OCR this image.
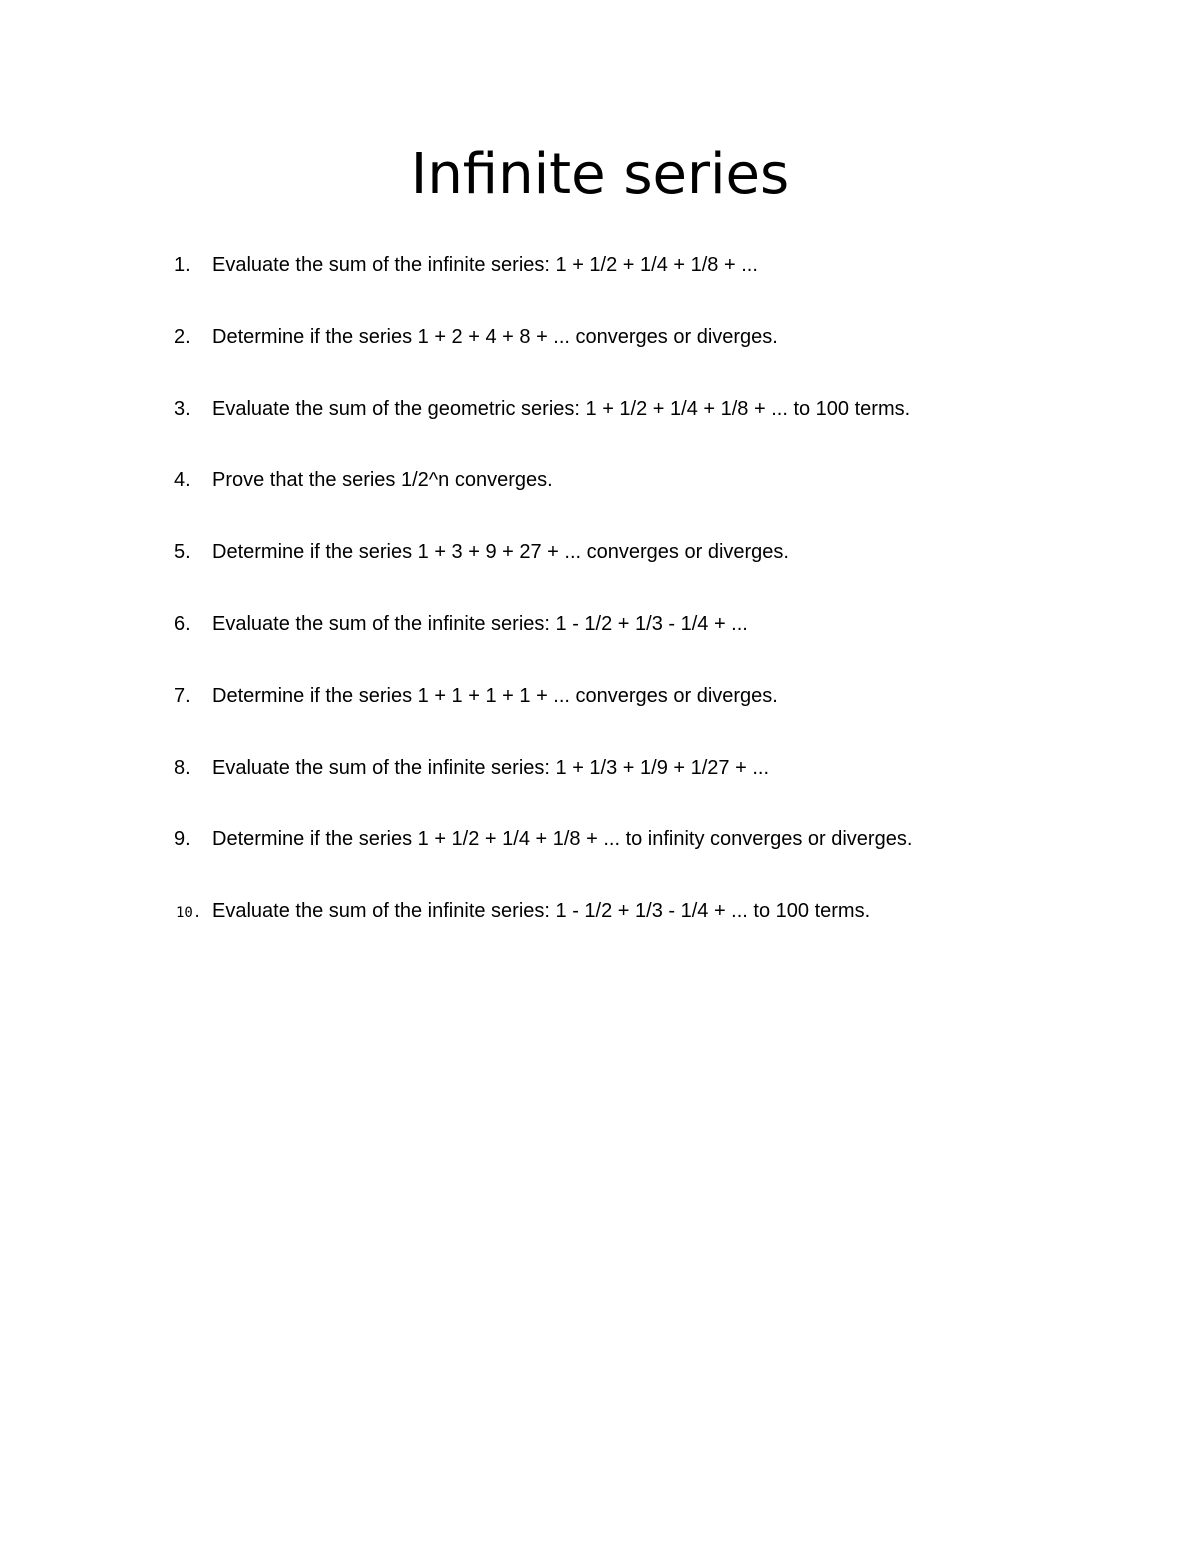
Infinite series
1.	Evaluate the sum of the infinite series: 1 + 1/2 + 1/4 + 1/8 + ...
2.	Determine if the series 1 + 2 + 4 + 8 + ... converges or diverges.
3.	Evaluate the sum of the geometric series: 1 + 1/2 + 1/4 + 1/8 + ... to 100 terms.
4.	Prove that the series 1/2^n converges.
5.	Determine if the series 1 + 3 + 9 + 27 + ... converges or diverges.
6.	Evaluate the sum of the infinite series: 1 - 1/2 + 1/3 - 1/4 + ...
7.	Determine if the series 1 + 1 + 1 + 1 + ... converges or diverges.
8.	Evaluate the sum of the infinite series: 1 + 1/3 + 1/9 + 1/27 + ...
9.	Determine if the series 1 + 1/2 + 1/4 + 1/8 + ... to infinity converges or diverges.
10. Evaluate the sum of the infinite series: 1 - 1/2 + 1/3 - 1/4 + ... to 100 terms.
